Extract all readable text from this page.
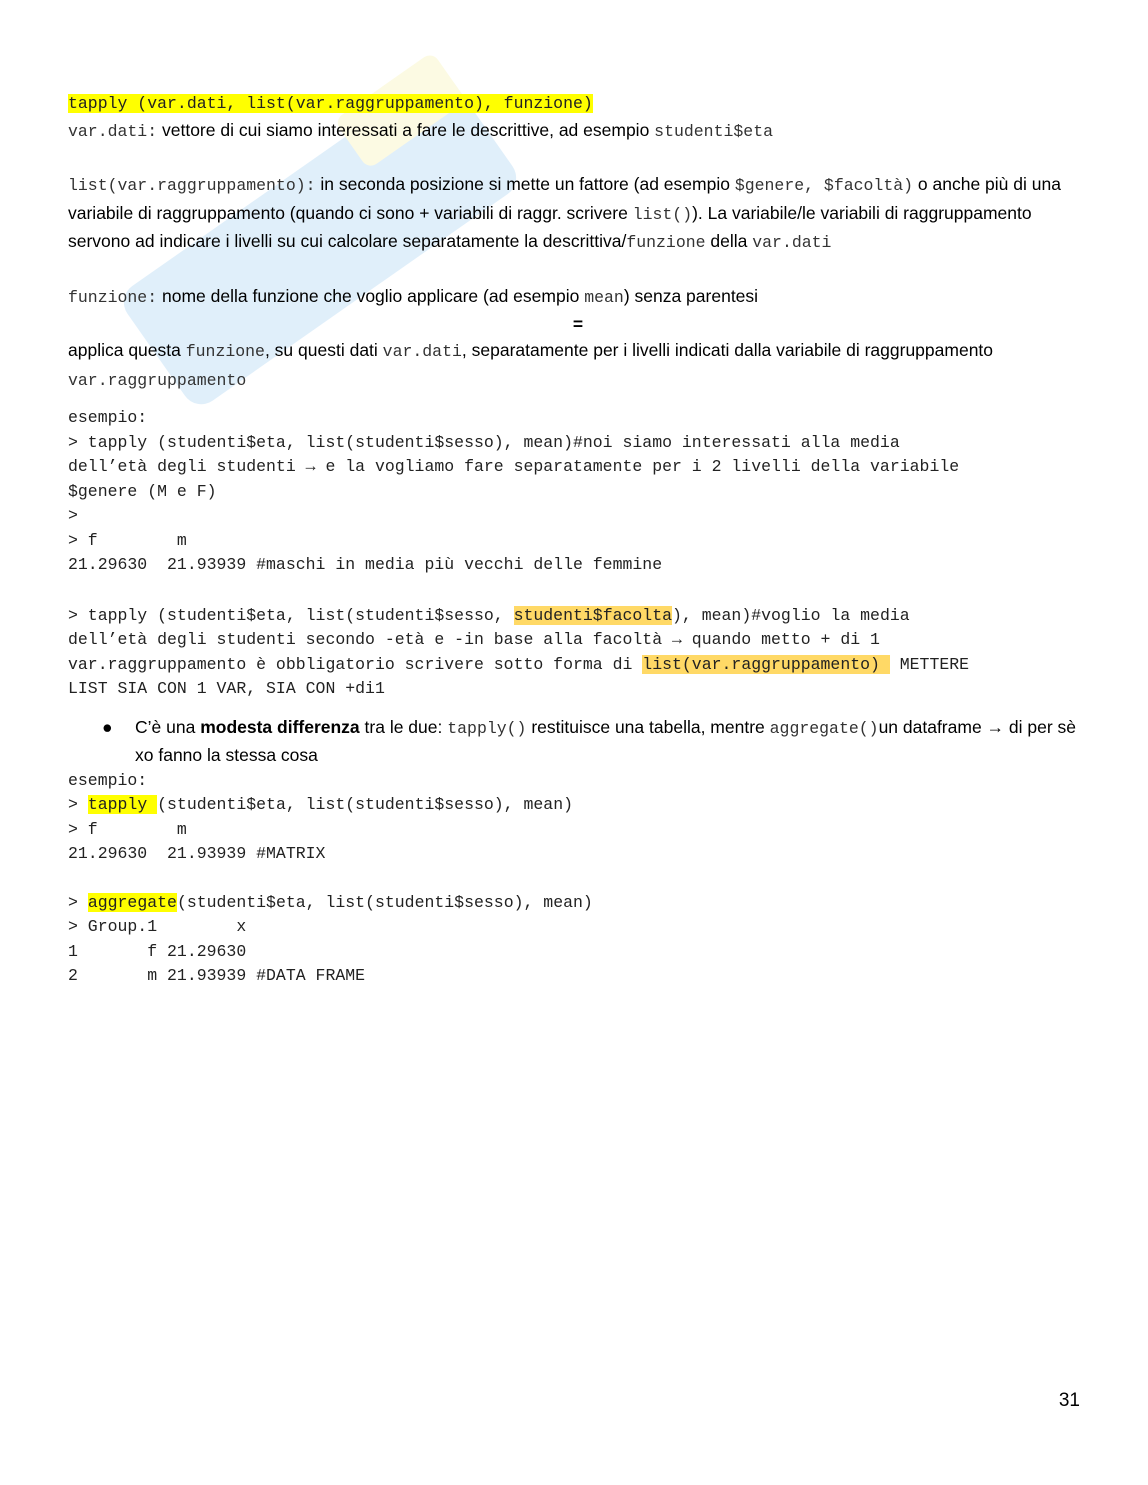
tapply (var.dati, list(var.raggruppamento), funzione)

var.dati: vettore di cui siamo interessati a fare le descrittive, ad esempio studenti$eta

list(var.raggruppamento): in seconda posizione si mette un fattore (ad esempio $genere, $facoltà) o anche più di una variabile di raggruppamento (quando ci sono + variabili di raggr. scrivere list()). La variabile/le variabili di raggruppamento servono ad indicare i livelli su cui calcolare separatamente la descrittiva/funzione della var.dati

funzione: nome della funzione che voglio applicare (ad esempio mean) senza parentesi

=

applica questa funzione, su questi dati var.dati, separatamente per i livelli indicati dalla variabile di raggruppamento var.raggruppamento

esempio:

> tapply (studenti$eta, list(studenti$sesso), mean)#noi siamo interessati alla media

dell’età degli studenti → e la vogliamo fare separatamente per i 2 livelli della variabile

$genere (M e F)

>

> f        m

21.29630  21.93939 #maschi in media più vecchi delle femmine

> tapply (studenti$eta, list(studenti$sesso, studenti$facolta), mean)#voglio la media

dell’età degli studenti secondo -età e -in base alla facoltà → quando metto + di 1

var.raggruppamento è obbligatorio scrivere sotto forma di list(var.raggruppamento)  METTERE

LIST SIA CON 1 VAR, SIA CON +di1

● C’è una modesta differenza tra le due: tapply() restituisce una tabella, mentre aggregate()un dataframe → di per sè xo fanno la stessa cosa

esempio:

> tapply (studenti$eta, list(studenti$sesso), mean)

> f        m

21.29630  21.93939 #MATRIX

> aggregate(studenti$eta, list(studenti$sesso), mean)

> Group.1        x

1       f 21.29630

2       m 21.93939 #DATA FRAME

31
